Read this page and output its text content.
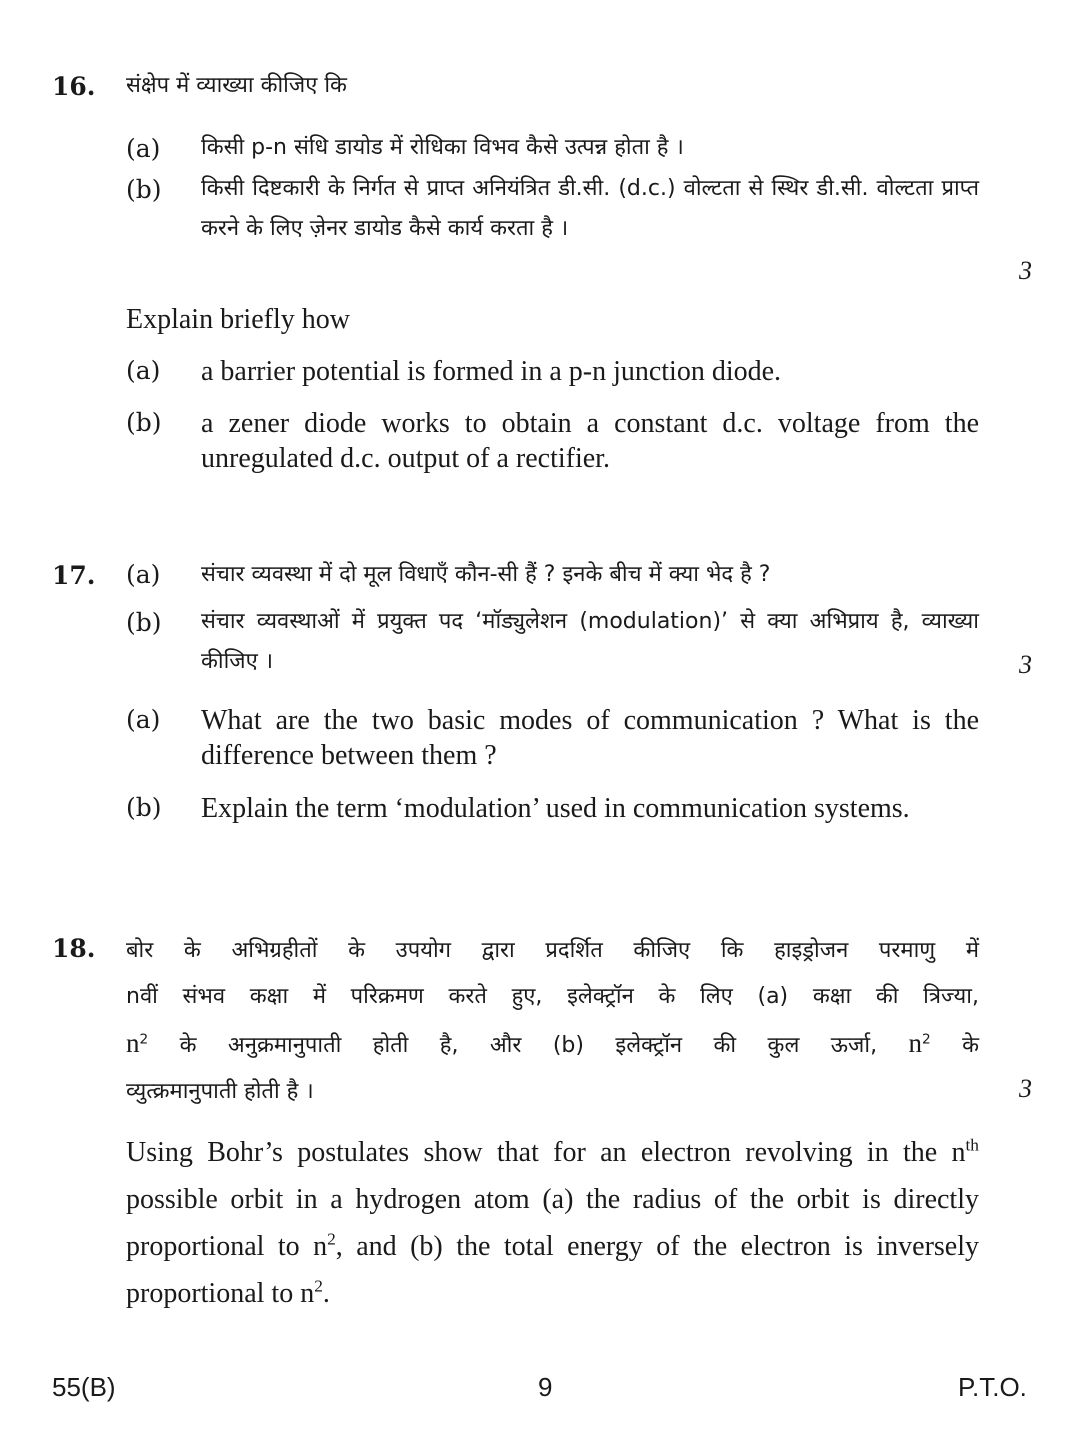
16. संक्षेप में व्याख्या कीजिए कि
(a) किसी p-n संधि डायोड में रोधिका विभव कैसे उत्पन्न होता है ।
(b) किसी दिष्टकारी के निर्गत से प्राप्त अनियंत्रित डी.सी. (d.c.) वोल्टता से स्थिर डी.सी. वोल्टता प्राप्त करने के लिए ज़ेनर डायोड कैसे कार्य करता है ।
3
Explain briefly how
(a) a barrier potential is formed in a p-n junction diode.
(b) a zener diode works to obtain a constant d.c. voltage from the unregulated d.c. output of a rectifier.
17. (a) संचार व्यवस्था में दो मूल विधाएँ कौन-सी हैं ? इनके बीच में क्या भेद है ?
(b) संचार व्यवस्थाओं में प्रयुक्त पद ‘मॉड्युलेशन (modulation)’ से क्या अभिप्राय है, व्याख्या कीजिए ।	3
(a) What are the two basic modes of communication ? What is the difference between them ?
(b) Explain the term ‘modulation’ used in communication systems.
18. बोर के अभिग्रहीतों के उपयोग द्वारा प्रदर्शित कीजिए कि हाइड्रोजन परमाणु में
nवीं संभव कक्षा में परिक्रमण करते हुए, इलेक्ट्रॉन के लिए (a) कक्षा की त्रिज्या,
$n^2$ के अनुक्रमानुपाती होती है, और (b) इलेक्ट्रॉन की कुल ऊर्जा, $n^2$ के
व्युत्क्रमानुपाती होती है ।	3
Using Bohr’s postulates show that for an electron revolving in the $n^{th}$ possible orbit in a hydrogen atom (a) the radius of the orbit is directly proportional to $n^2$, and (b) the total energy of the electron is inversely proportional to $n^2$.
55(B)	9	P.T.O.
